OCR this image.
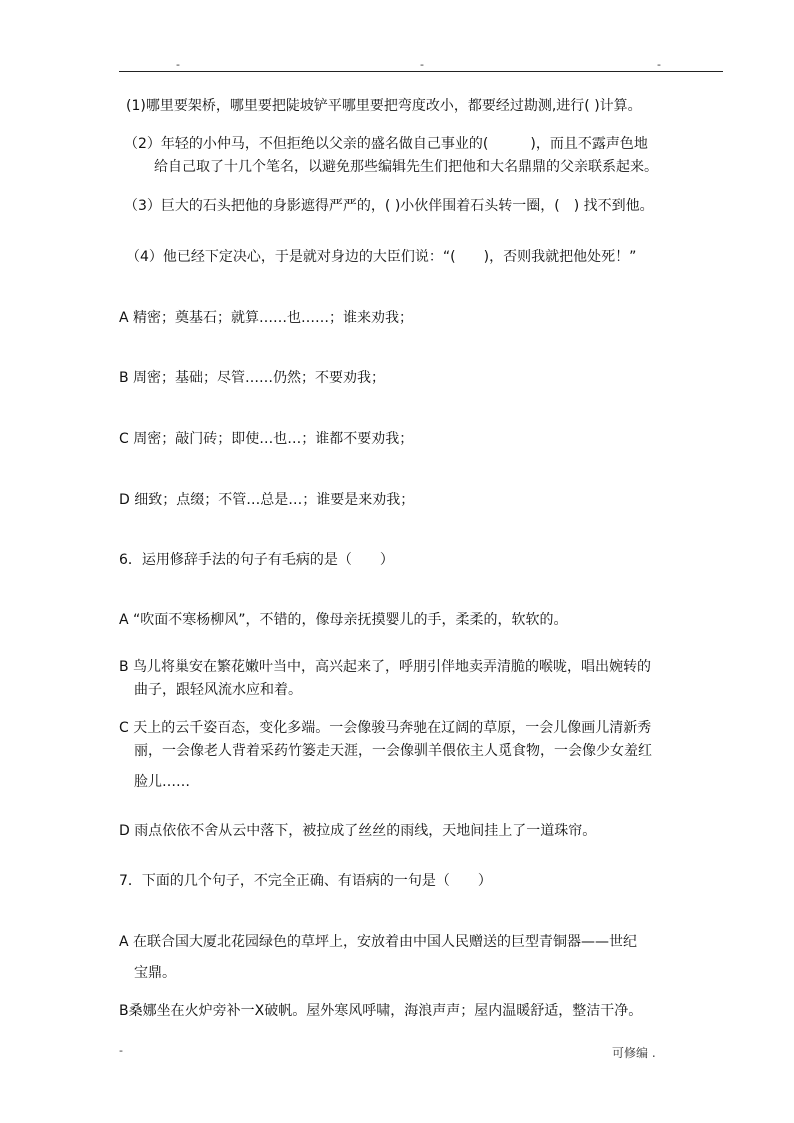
-	-	-
(1)哪里要架桥，哪里要把陡坡铲平哪里要把弯度改小，都要经过勘测,进行( )计算。
（2）年轻的小仲马，不但拒绝以父亲的盛名做自己事业的(　　　)，而且不露声色地
给自己取了十几个笔名，以避免那些编辑先生们把他和大名鼎鼎的父亲联系起来。
（3）巨大的石头把他的身影遮得严严的，( )小伙伴围着石头转一圈，(　) 找不到他。
（4）他已经下定决心，于是就对身边的大臣们说：“(　　)，否则我就把他处死！”
A 精密；奠基石；就算……也……；谁来劝我；
B 周密；基础；尽管……仍然；不要劝我；
C 周密；敲门砖；即使…也…；谁都不要劝我；
D 细致；点缀；不管…总是…；谁要是来劝我；
6．运用修辞手法的句子有毛病的是（　　）
A “吹面不寒杨柳风”，不错的，像母亲抚摸婴儿的手，柔柔的，软软的。
B 鸟儿将巢安在繁花嫩叶当中，高兴起来了，呼朋引伴地卖弄清脆的喉咙，唱出婉转的
曲子，跟轻风流水应和着。
C 天上的云千姿百态，变化多端。一会像骏马奔驰在辽阔的草原，一会儿像画儿清新秀
丽，一会像老人背着采药竹篓走天涯，一会像驯羊偎依主人觅食物，一会像少女羞红
脸儿……
D 雨点依依不舍从云中落下，被拉成了丝丝的雨线，天地间挂上了一道珠帘。
7．下面的几个句子，不完全正确、有语病的一句是（　　）
A 在联合国大厦北花园绿色的草坪上，安放着由中国人民赠送的巨型青铜器——世纪
宝鼎。
B桑娜坐在火炉旁补一X破帆。屋外寒风呼啸，海浪声声；屋内温暖舒适，整洁干净。
-	可修编 .
